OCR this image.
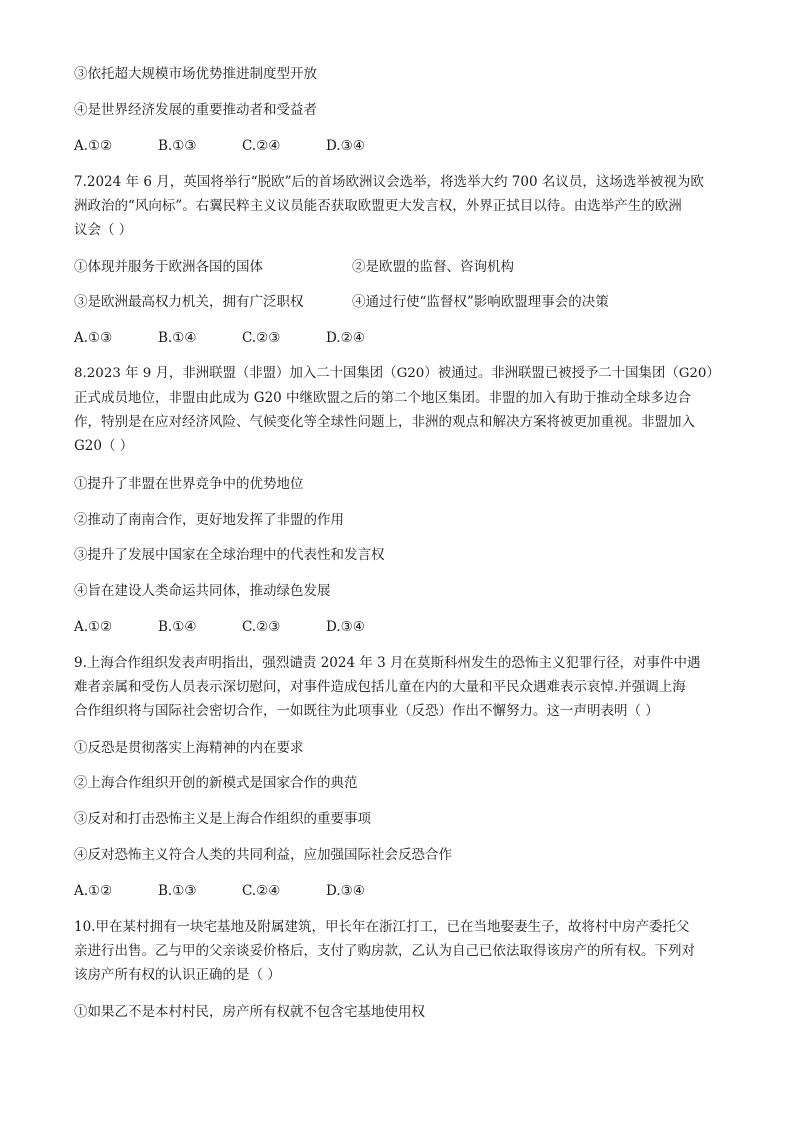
③依托超大规模市场优势推进制度型开放
④是世界经济发展的重要推动者和受益者
A.①②	B.①③	C.②④	D.③④
7.2024 年 6 月，英国将举行“脱欧”后的首场欧洲议会选举，将选举大约 700 名议员，这场选举被视为欧
洲政治的“风向标”。右翼民粹主义议员能否获取欧盟更大发言权，外界正拭目以待。由选举产生的欧洲
议会（ ）
①体现并服务于欧洲各国的国体	②是欧盟的监督、咨询机构
③是欧洲最高权力机关，拥有广泛职权	④通过行使“监督权”影响欧盟理事会的决策
A.①③	B.①④	C.②③	D.②④
8.2023 年 9 月，非洲联盟（非盟）加入二十国集团（G20）被通过。非洲联盟已被授予二十国集团（G20）
正式成员地位，非盟由此成为 G20 中继欧盟之后的第二个地区集团。非盟的加入有助于推动全球多边合
作，特别是在应对经济风险、气候变化等全球性问题上，非洲的观点和解决方案将被更加重视。非盟加入
G20（ ）
①提升了非盟在世界竞争中的优势地位
②推动了南南合作，更好地发挥了非盟的作用
③提升了发展中国家在全球治理中的代表性和发言权
④旨在建设人类命运共同体，推动绿色发展
A.①②	B.①④	C.②③	D.③④
9.上海合作组织发表声明指出，强烈谴责 2024 年 3 月在莫斯科州发生的恐怖主义犯罪行径，对事件中遇
难者亲属和受伤人员表示深切慰问，对事件造成包括儿童在内的大量和平民众遇难表示哀悼.并强调上海
合作组织将与国际社会密切合作，一如既往为此项事业（反恐）作出不懈努力。这一声明表明（ ）
①反恐是贯彻落实上海精神的内在要求
②上海合作组织开创的新模式是国家合作的典范
③反对和打击恐怖主义是上海合作组织的重要事项
④反对恐怖主义符合人类的共同利益，应加强国际社会反恐合作
A.①②	B.①③	C.②④	D.③④
10.甲在某村拥有一块宅基地及附属建筑，甲长年在浙江打工，已在当地娶妻生子，故将村中房产委托父
亲进行出售。乙与甲的父亲谈妥价格后，支付了购房款，乙认为自己已依法取得该房产的所有权。下列对
该房产所有权的认识正确的是（ ）
①如果乙不是本村村民，房产所有权就不包含宅基地使用权
